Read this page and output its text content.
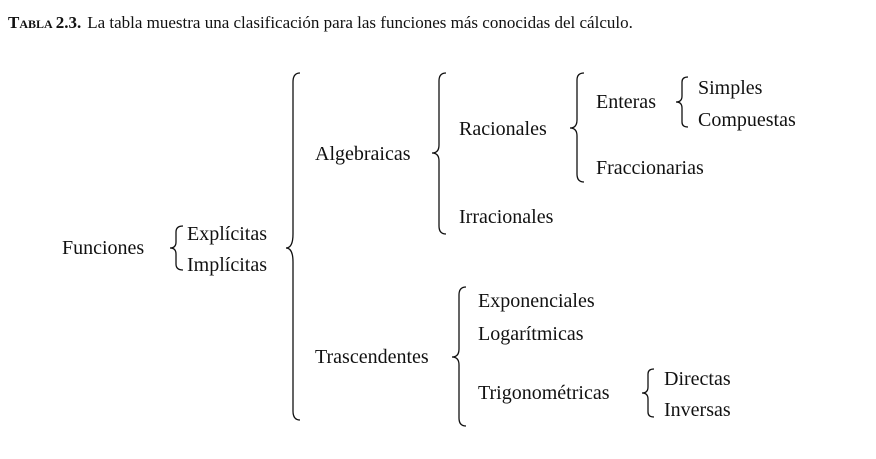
Tabla 2.3. La tabla muestra una clasificación para las funciones más conocidas del cálculo.
Funciones
Explícitas
Implícitas
Algebraicas
Racionales
Enteras
Simples
Compuestas
Fraccionarias
Irracionales
Trascendentes
Exponenciales
Logarítmicas
Trigonométricas
Directas
Inversas
